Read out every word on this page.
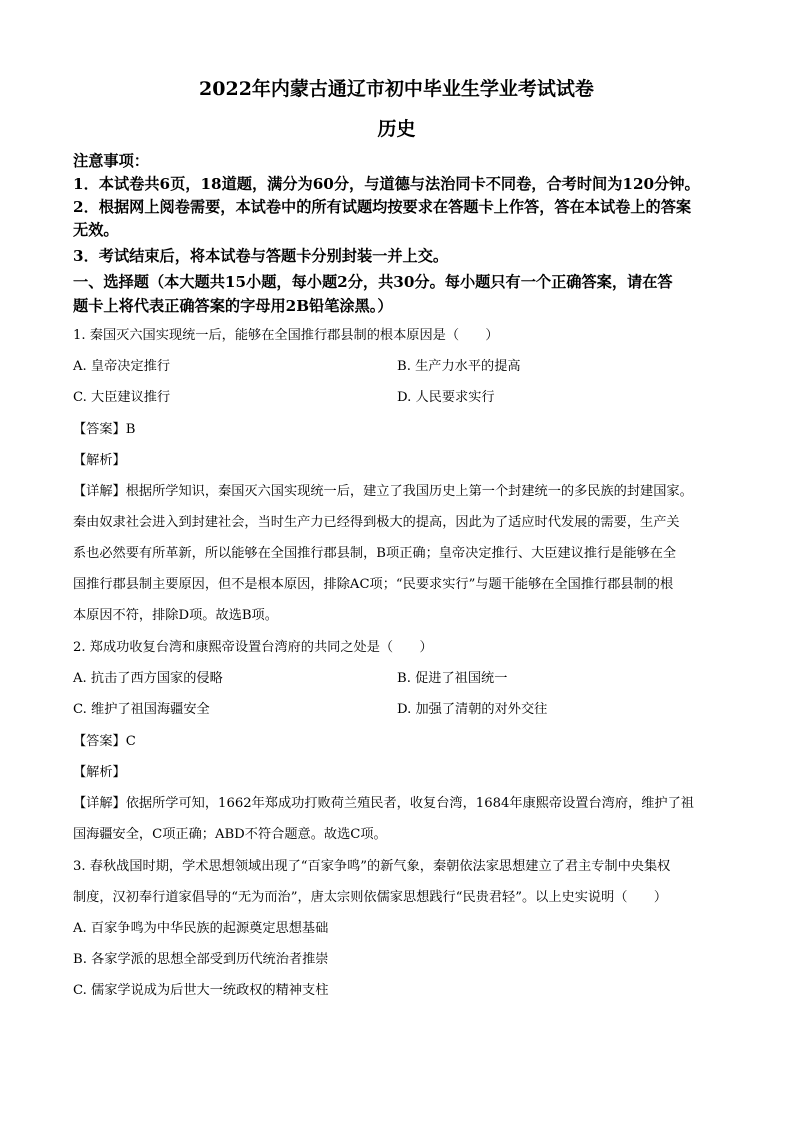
2022年内蒙古通辽市初中毕业生学业考试试卷
历史
注意事项：
1．本试卷共6页，18道题，满分为60分，与道德与法治同卡不同卷，合考时间为120分钟。
2．根据网上阅卷需要，本试卷中的所有试题均按要求在答题卡上作答，答在本试卷上的答案
无效。
3．考试结束后，将本试卷与答题卡分别封装一并上交。
一、选择题（本大题共15小题，每小题2分，共30分。每小题只有一个正确答案，请在答
题卡上将代表正确答案的字母用2B铅笔涂黑。）
1. 秦国灭六国实现统一后，能够在全国推行郡县制的根本原因是（　　）
A. 皇帝决定推行	B. 生产力水平的提高
C. 大臣建议推行	D. 人民要求实行
【答案】B
【解析】
【详解】根据所学知识，秦国灭六国实现统一后，建立了我国历史上第一个封建统一的多民族的封建国家。
秦由奴隶社会进入到封建社会，当时生产力已经得到极大的提高，因此为了适应时代发展的需要，生产关
系也必然要有所革新，所以能够在全国推行郡县制，B项正确；皇帝决定推行、大臣建议推行是能够在全
国推行郡县制主要原因，但不是根本原因，排除AC项；“民要求实行”与题干能够在全国推行郡县制的根
本原因不符，排除D项。故选B项。
2. 郑成功收复台湾和康熙帝设置台湾府的共同之处是（　　）
A. 抗击了西方国家的侵略	B. 促进了祖国统一
C. 维护了祖国海疆安全	D. 加强了清朝的对外交往
【答案】C
【解析】
【详解】依据所学可知，1662年郑成功打败荷兰殖民者，收复台湾，1684年康熙帝设置台湾府，维护了祖
国海疆安全，C项正确；ABD不符合题意。故选C项。
3. 春秋战国时期，学术思想领域出现了“百家争鸣”的新气象，秦朝依法家思想建立了君主专制中央集权
制度，汉初奉行道家倡导的“无为而治”，唐太宗则依儒家思想践行“民贵君轻”。以上史实说明（　　）
A. 百家争鸣为中华民族的起源奠定思想基础
B. 各家学派的思想全部受到历代统治者推崇
C. 儒家学说成为后世大一统政权的精神支柱
